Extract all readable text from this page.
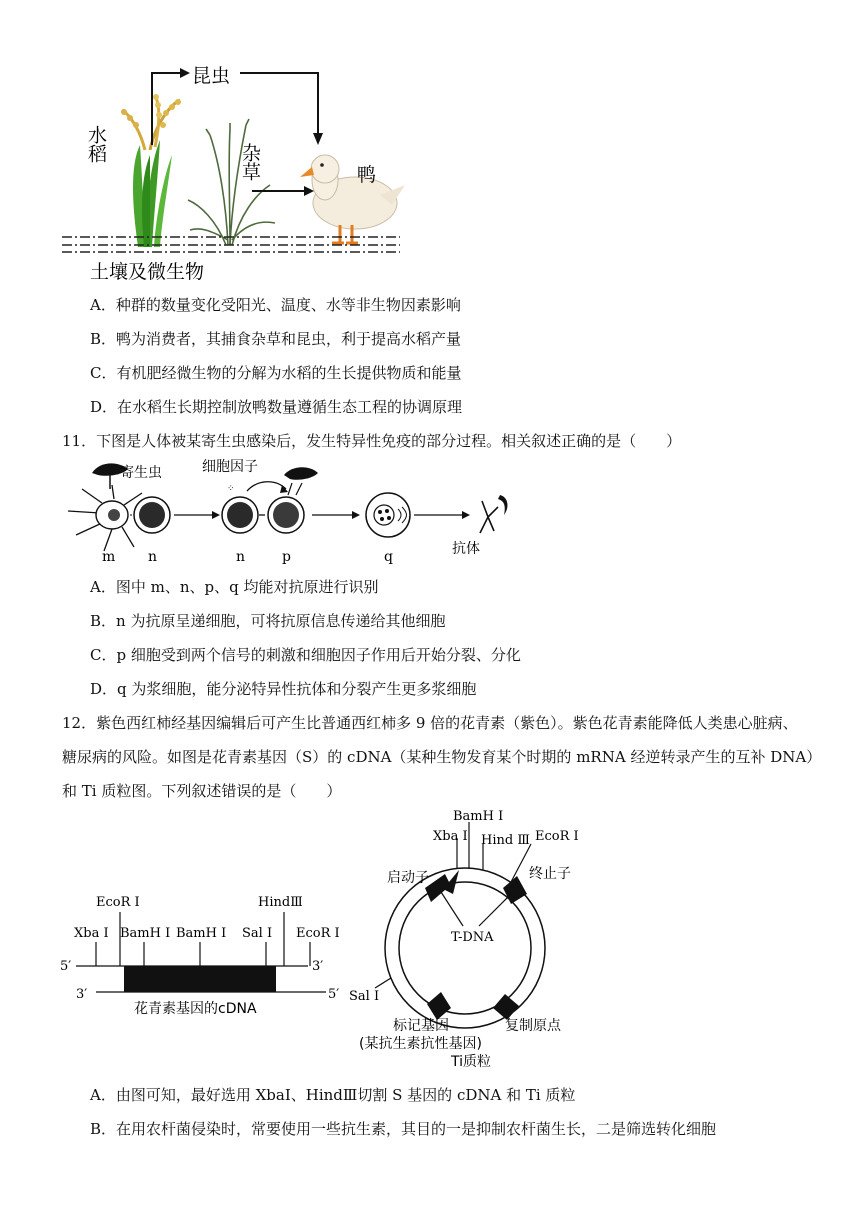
水稻	杂草	鸭
昆虫
土壤及微生物
A．种群的数量变化受阳光、温度、水等非生物因素影响
B．鸭为消费者，其捕食杂草和昆虫，利于提高水稻产量
C．有机肥经微生物的分解为水稻的生长提供物质和能量
D．在水稻生长期控制放鸭数量遵循生态工程的协调原理
11．下图是人体被某寄生虫感染后，发生特异性免疫的部分过程。相关叙述正确的是（　　）
寄生虫
m n
细胞因子
⁘
n	p	q	抗体
A．图中 m、n、p、q 均能对抗原进行识别
B．n 为抗原呈递细胞，可将抗原信息传递给其他细胞
C．p 细胞受到两个信号的刺激和细胞因子作用后开始分裂、分化
D．q 为浆细胞，能分泌特异性抗体和分裂产生更多浆细胞
12．紫色西红柿经基因编辑后可产生比普通西红柿多 9 倍的花青素（紫色）。紫色花青素能降低人类患心脏病、
糖尿病的风险。如图是花青素基因（S）的 cDNA（某种生物发育某个时期的 mRNA 经逆转录产生的互补 DNA）
和 Ti 质粒图。下列叙述错误的是（　　）
EcoR Ⅰ	HindⅢ
Xba Ⅰ BamH Ⅰ BamH Ⅰ Sal Ⅰ EcoR Ⅰ
5′	3′
3′	5′
花青素基因的cDNA
BamH Ⅰ
Xba Ⅰ Hind Ⅲ EcoR Ⅰ
Sal Ⅰ
启动子	终止子
T-DNA
标记基因
(某抗生素抗性基因)
复制原点
Ti质粒
A．由图可知，最好选用 XbaⅠ、HindⅢ切割 S 基因的 cDNA 和 Ti 质粒
B．在用农杆菌侵染时，常要使用一些抗生素，其目的一是抑制农杆菌生长，二是筛选转化细胞
